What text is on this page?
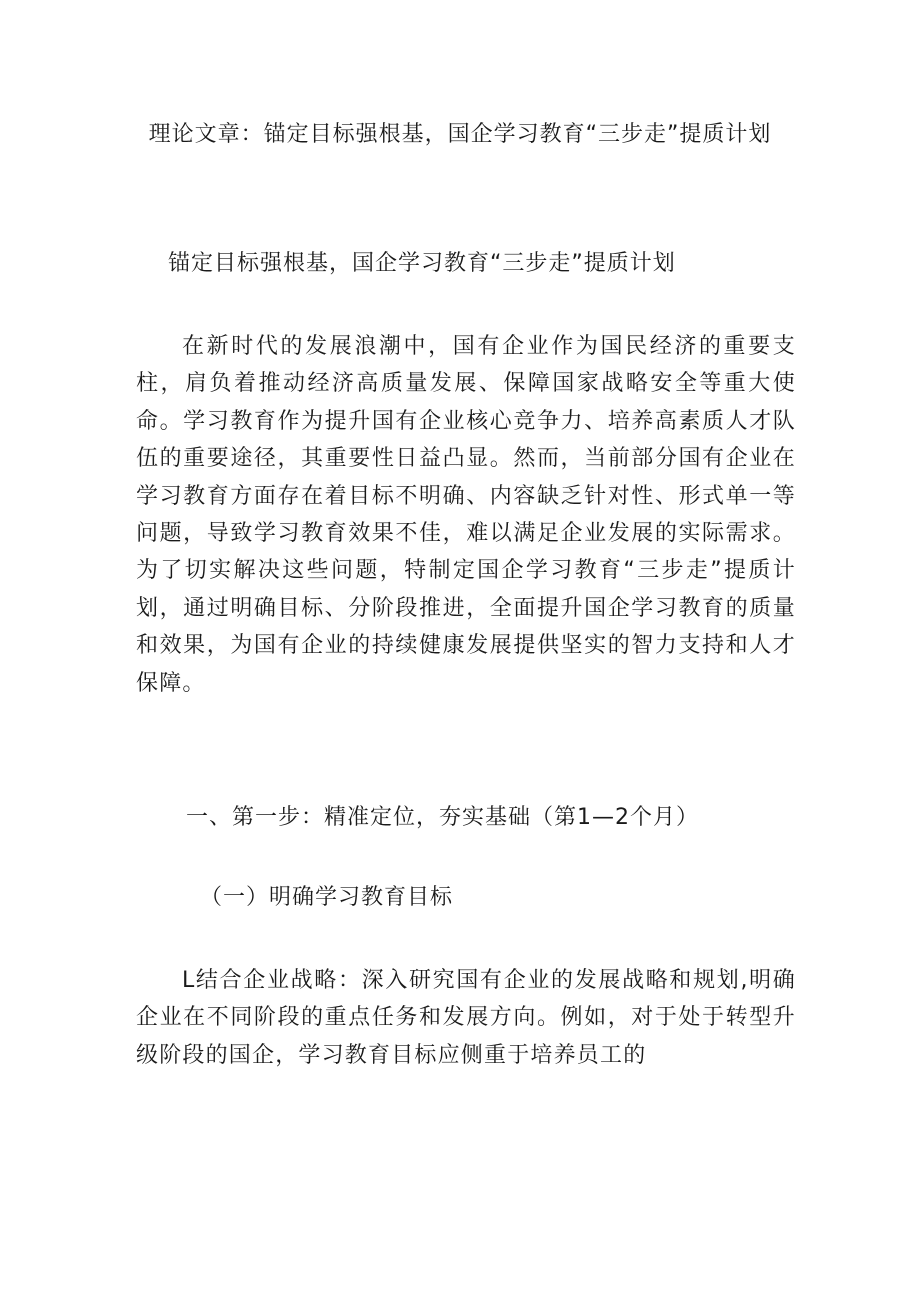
理论文章：锚定目标强根基，国企学习教育“三步走”提质计划
锚定目标强根基，国企学习教育“三步走”提质计划

在新时代的发展浪潮中，国有企业作为国民经济的重要支柱，肩负着推动经济高质量发展、保障国家战略安全等重大使命。学习教育作为提升国有企业核心竞争力、培养高素质人才队伍的重要途径，其重要性日益凸显。然而，当前部分国有企业在学习教育方面存在着目标不明确、内容缺乏针对性、形式单一等问题，导致学习教育效果不佳，难以满足企业发展的实际需求。为了切实解决这些问题，特制定国企学习教育“三步走”提质计划，通过明确目标、分阶段推进，全面提升国企学习教育的质量和效果，为国有企业的持续健康发展提供坚实的智力支持和人才保障。

一、第一步：精准定位，夯实基础（第1—2个月）
（一）明确学习教育目标

L结合企业战略：深入研究国有企业的发展战略和规划,明确企业在不同阶段的重点任务和发展方向。例如，对于处于转型升级阶段的国企，学习教育目标应侧重于培养员工的
